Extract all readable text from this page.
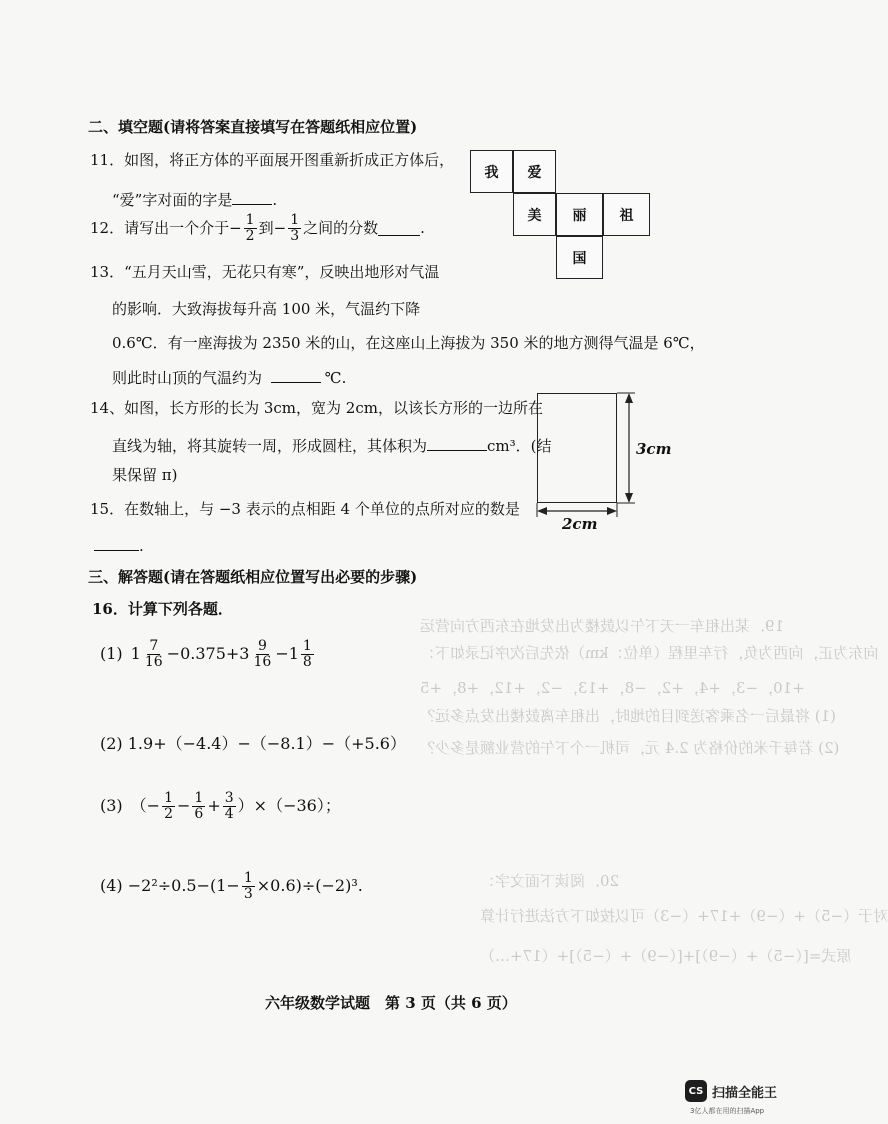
19．某出租车一天下午以鼓楼为出发地在东西方向营运
向东为正，向西为负，行车里程（单位：km）依先后次序记录如下：
+10，−3，+4，+2，−8，+13，−2，+12，+8，+5
(1) 将最后一名乘客送到目的地时，出租车离鼓楼出发点多远？
(2) 若每千米的价格为 2.4 元，司机一个下午的营业额是多少？
20．阅读下面文字：
对于（−5）+（−9）+17+（−3）可以按如下方法进行计算
原式=[（−5）+（−9）]+[（−9）+（−5）]+（17+…）
二、填空题(请将答案直接填写在答题纸相应位置)
11．如图，将正方体的平面展开图重新折成正方体后，
“爱”字对面的字是	.
我	爱
美	丽	祖
国
12．请写出一个介于 − $\frac{1}{2}$ 到 − $\frac{1}{3}$ 之间的分数	.
13．“五月天山雪，无花只有寒”，反映出地形对气温
的影响．大致海拔每升高 100 米，气温约下降
0.6℃．有一座海拔为 2350 米的山，在这座山上海拔为 350 米的地方测得气温是 6℃，
则此时山顶的气温约为	℃.
14、如图，长方形的长为 3cm，宽为 2cm，以该长方形的一边所在
直线为轴，将其旋转一周，形成圆柱，其体积为	cm³．(结
果保留 π)
3cm
2cm
15．在数轴上，与 −3 表示的点相距 4 个单位的点所对应的数是
.
三、解答题(请在答题纸相应位置写出必要的步骤)
16．计算下列各题．
(1) $1 \frac{7}{16} -0.375+3 \frac{9}{16} -1 \frac{1}{8}$
(2) 1.9+（−4.4）−（−8.1）−（+5.6）
(3) （− $\frac{1}{2} - \frac{1}{6} + \frac{3}{4} )\times(-36)$；
$(4) -2^2\div 0.5-(1- \frac{1}{3} \times 0.6)\div(-2)^3$.
六年级数学试题　第 3 页（共 6 页）
CS 扫描全能王
3亿人都在用的扫描App
